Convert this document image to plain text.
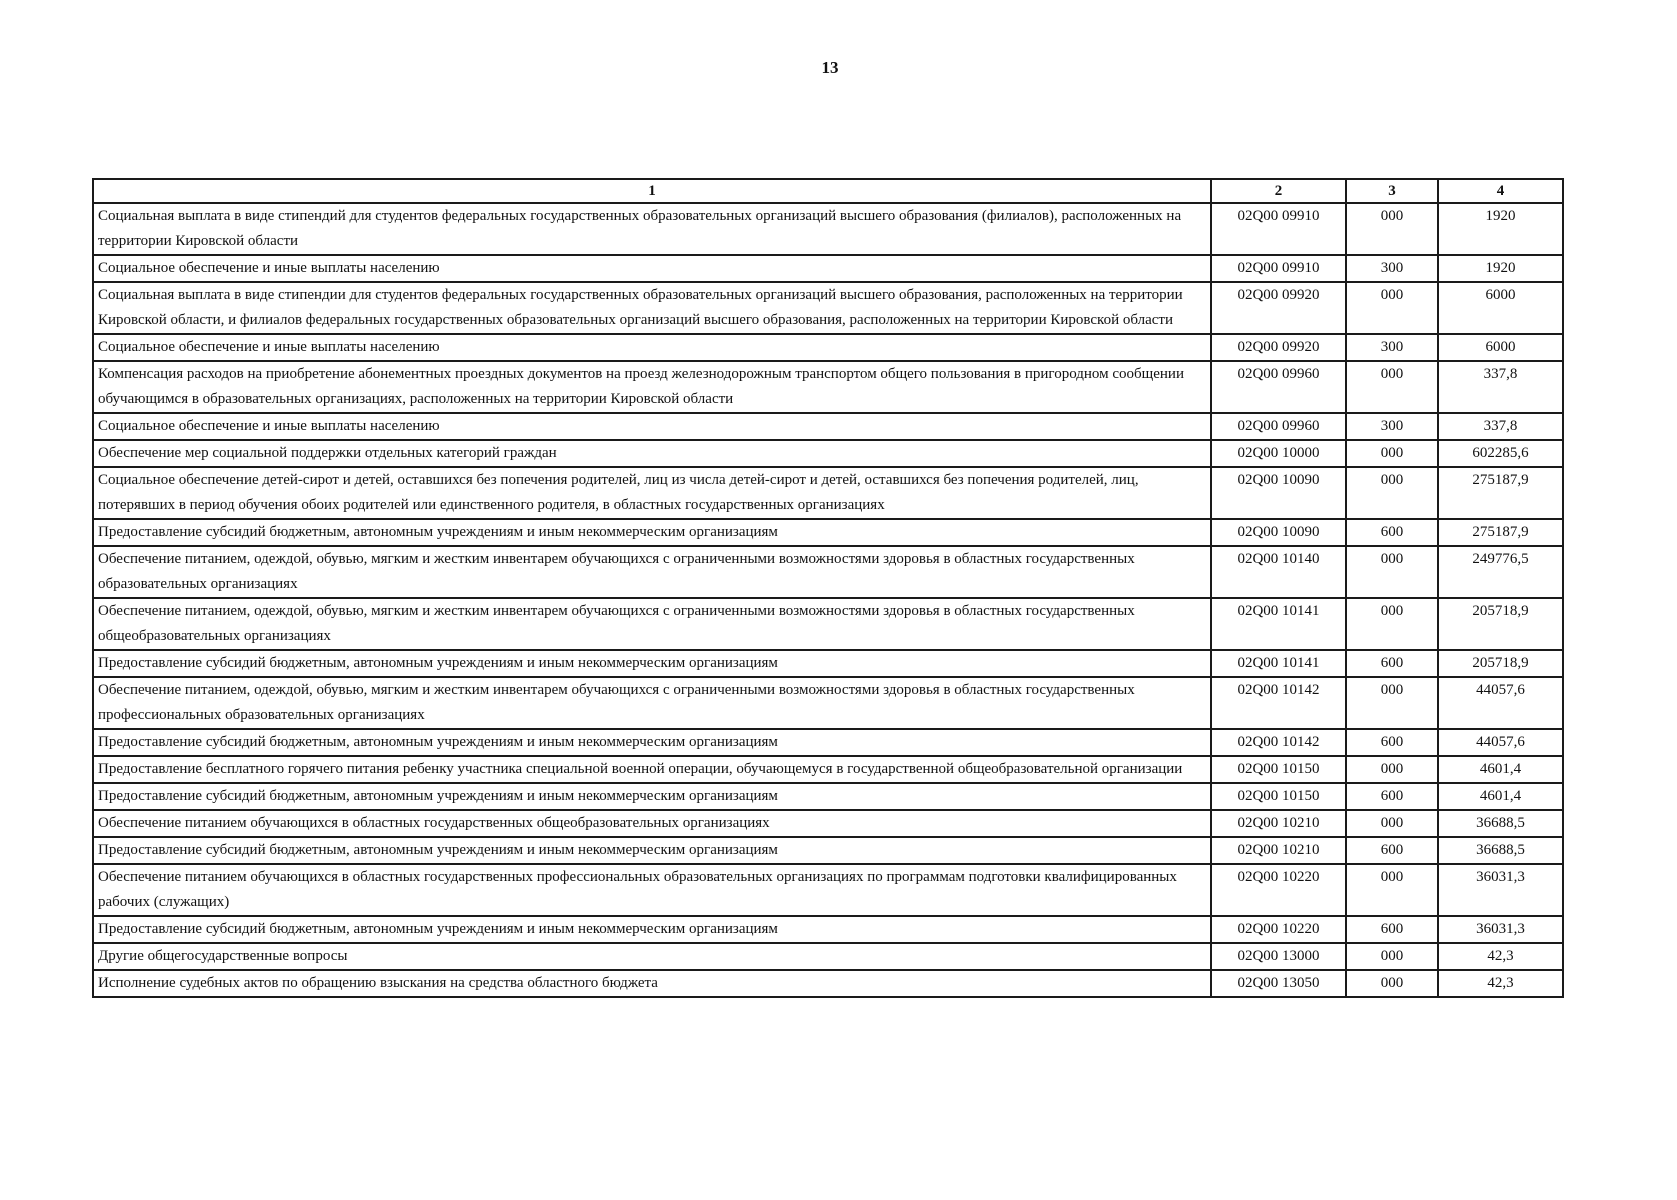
13
1	2	3	4
Социальная выплата в виде стипендий для студентов федеральных государственных образовательных организаций высшего образования (филиалов), расположенных на территории Кировской области	02Q00 09910	000	1920
Социальное обеспечение и иные выплаты населению	02Q00 09910	300	1920
Социальная выплата в виде стипендии для студентов федеральных государственных образовательных организаций высшего образования, расположенных на территории Кировской области, и филиалов федеральных государственных образовательных организаций высшего образования, расположенных на территории Кировской области	02Q00 09920	000	6000
Социальное обеспечение и иные выплаты населению	02Q00 09920	300	6000
Компенсация расходов на приобретение абонементных проездных документов на проезд железнодорожным транспортом общего пользования в пригородном сообщении обучающимся в образовательных организациях, расположенных на территории Кировской области	02Q00 09960	000	337,8
Социальное обеспечение и иные выплаты населению	02Q00 09960	300	337,8
Обеспечение мер социальной поддержки отдельных категорий граждан	02Q00 10000	000	602285,6
Социальное обеспечение детей-сирот и детей, оставшихся без попечения родителей, лиц из числа детей-сирот и детей, оставшихся без попечения родителей, лиц, потерявших в период обучения обоих родителей или единственного родителя, в областных государственных организациях	02Q00 10090	000	275187,9
Предоставление субсидий бюджетным, автономным учреждениям и иным некоммерческим организациям	02Q00 10090	600	275187,9
Обеспечение питанием, одеждой, обувью, мягким и жестким инвентарем обучающихся с ограниченными возможностями здоровья в областных государственных образовательных организациях	02Q00 10140	000	249776,5
Обеспечение питанием, одеждой, обувью, мягким и жестким инвентарем обучающихся с ограниченными возможностями здоровья в областных государственных общеобразовательных организациях	02Q00 10141	000	205718,9
Предоставление субсидий бюджетным, автономным учреждениям и иным некоммерческим организациям	02Q00 10141	600	205718,9
Обеспечение питанием, одеждой, обувью, мягким и жестким инвентарем обучающихся с ограниченными возможностями здоровья в областных государственных профессиональных образовательных организациях	02Q00 10142	000	44057,6
Предоставление субсидий бюджетным, автономным учреждениям и иным некоммерческим организациям	02Q00 10142	600	44057,6
Предоставление бесплатного горячего питания ребенку участника специальной военной операции, обучающемуся в государственной общеобразовательной организации	02Q00 10150	000	4601,4
Предоставление субсидий бюджетным, автономным учреждениям и иным некоммерческим организациям	02Q00 10150	600	4601,4
Обеспечение питанием обучающихся в областных государственных общеобразовательных организациях	02Q00 10210	000	36688,5
Предоставление субсидий бюджетным, автономным учреждениям и иным некоммерческим организациям	02Q00 10210	600	36688,5
Обеспечение питанием обучающихся в областных государственных профессиональных образовательных организациях по программам подготовки квалифицированных рабочих (служащих)	02Q00 10220	000	36031,3
Предоставление субсидий бюджетным, автономным учреждениям и иным некоммерческим организациям	02Q00 10220	600	36031,3
Другие общегосударственные вопросы	02Q00 13000	000	42,3
Исполнение судебных актов по обращению взыскания на средства областного бюджета	02Q00 13050	000	42,3
